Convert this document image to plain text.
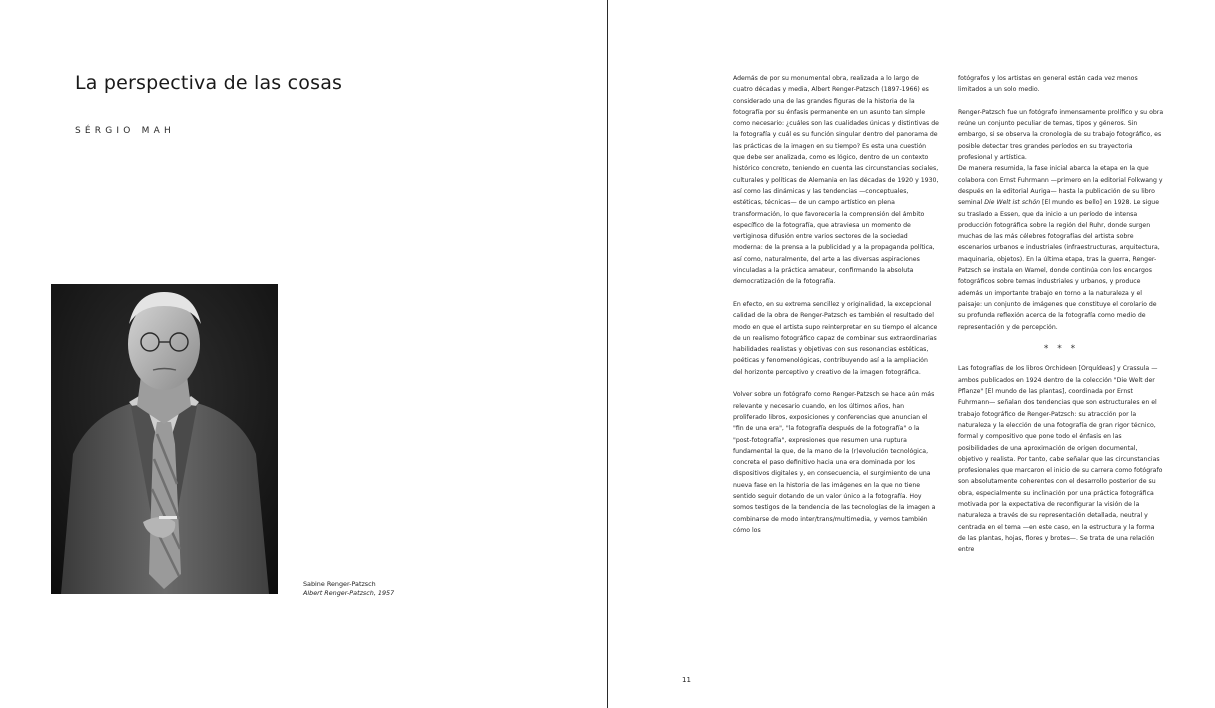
La perspectiva de las cosas
SÉRGIO MAH
Sabine Renger-Patzsch
Albert Renger-Patzsch, 1957

Además de por su monumental obra, realizada a lo largo de cuatro décadas y media, Albert Renger-Patzsch (1897-1966) es considerado una de las grandes figuras de la historia de la fotografía por su énfasis permanente en un asunto tan simple como necesario: ¿cuáles son las cualidades únicas y distintivas de la fotografía y cuál es su función singular dentro del panorama de las prácticas de la imagen en su tiempo? Es esta una cuestión que debe ser analizada, como es lógico, dentro de un contexto histórico concreto, teniendo en cuenta las circunstancias sociales, culturales y políticas de Alemania en las décadas de 1920 y 1930, así como las dinámicas y las tendencias —conceptuales, estéticas, técnicas— de un campo artístico en plena transformación, lo que favorecería la comprensión del ámbito específico de la fotografía, que atraviesa un momento de vertiginosa difusión entre varios sectores de la sociedad moderna: de la prensa a la publicidad y a la propaganda política, así como, naturalmente, del arte a las diversas aspiraciones vinculadas a la práctica amateur, confirmando la absoluta democratización de la fotografía.

En efecto, en su extrema sencillez y originalidad, la excepcional calidad de la obra de Renger-Patzsch es también el resultado del modo en que el artista supo reinterpretar en su tiempo el alcance de un realismo fotográfico capaz de combinar sus extraordinarias habilidades realistas y objetivas con sus resonancias estéticas, poéticas y fenomenológicas, contribuyendo así a la ampliación del horizonte perceptivo y creativo de la imagen fotográfica.

Volver sobre un fotógrafo como Renger-Patzsch se hace aún más relevante y necesario cuando, en los últimos años, han proliferado libros, exposiciones y conferencias que anuncian el "fin de una era", "la fotografía después de la fotografía" o la "post-fotografía", expresiones que resumen una ruptura fundamental la que, de la mano de la (r)evolución tecnológica, concreta el paso definitivo hacia una era dominada por los dispositivos digitales y, en consecuencia, el surgimiento de una nueva fase en la historia de las imágenes en la que no tiene sentido seguir dotando de un valor único a la fotografía. Hoy somos testigos de la tendencia de las tecnologías de la imagen a combinarse de modo inter/trans/multimedia, y vemos también cómo los

fotógrafos y los artistas en general están cada vez menos limitados a un solo medio.

Renger-Patzsch fue un fotógrafo inmensamente prolífico y su obra reúne un conjunto peculiar de temas, tipos y géneros. Sin embargo, si se observa la cronología de su trabajo fotográfico, es posible detectar tres grandes períodos en su trayectoria profesional y artística.

De manera resumida, la fase inicial abarca la etapa en la que colabora con Ernst Fuhrmann —primero en la editorial Folkwang y después en la editorial Auriga— hasta la publicación de su libro seminal Die Welt ist schön [El mundo es bello] en 1928. Le sigue su traslado a Essen, que da inicio a un período de intensa producción fotográfica sobre la región del Ruhr, donde surgen muchas de las más célebres fotografías del artista sobre escenarios urbanos e industriales (infraestructuras, arquitectura, maquinaria, objetos). En la última etapa, tras la guerra, Renger-Patzsch se instala en Wamel, donde continúa con los encargos fotográficos sobre temas industriales y urbanos, y produce además un importante trabajo en torno a la naturaleza y el paisaje: un conjunto de imágenes que constituye el corolario de su profunda reflexión acerca de la fotografía como medio de representación y de percepción.

* * *

Las fotografías de los libros Orchideen [Orquídeas] y Crassula —ambos publicados en 1924 dentro de la colección "Die Welt der Pflanze" [El mundo de las plantas], coordinada por Ernst Fuhrmann— señalan dos tendencias que son estructurales en el trabajo fotográfico de Renger-Patzsch: su atracción por la naturaleza y la elección de una fotografía de gran rigor técnico, formal y compositivo que pone todo el énfasis en las posibilidades de una aproximación de origen documental, objetivo y realista. Por tanto, cabe señalar que las circunstancias profesionales que marcaron el inicio de su carrera como fotógrafo son absolutamente coherentes con el desarrollo posterior de su obra, especialmente su inclinación por una práctica fotográfica motivada por la expectativa de reconfigurar la visión de la naturaleza a través de su representación detallada, neutral y centrada en el tema —en este caso, en la estructura y la forma de las plantas, hojas, flores y brotes—. Se trata de una relación entre

11
